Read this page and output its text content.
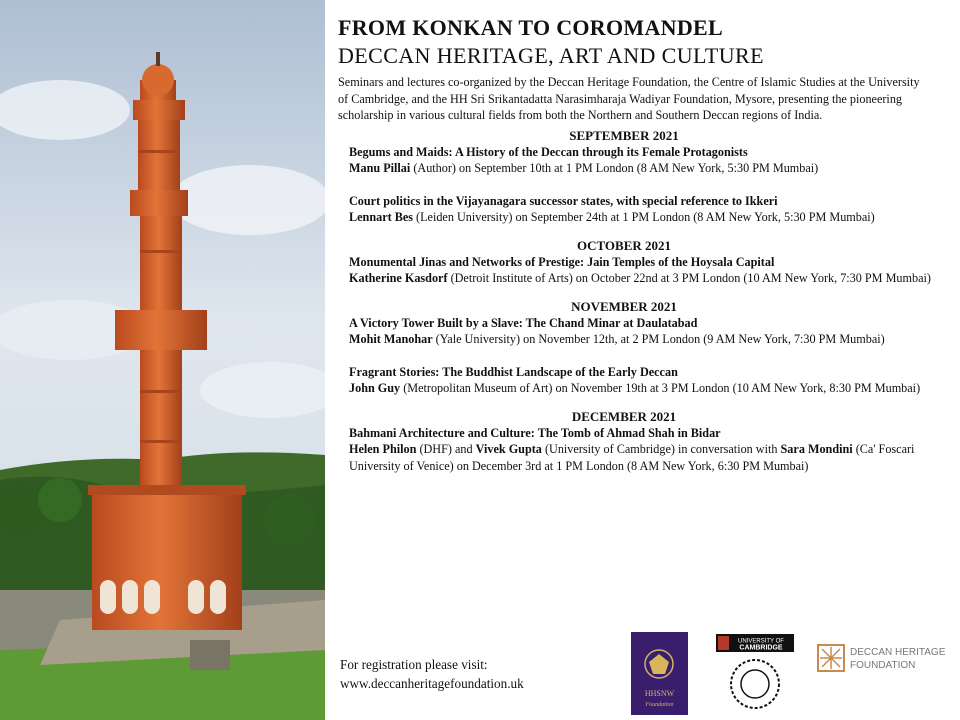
FROM KONKAN TO COROMANDEL
DECCAN HERITAGE, ART AND CULTURE
Seminars and lectures co-organized by the Deccan Heritage Foundation, the Centre of Islamic Studies at the University of Cambridge, and the HH Sri Srikantadatta Narasimharaja Wadiyar Foundation, Mysore, presenting the pioneering scholarship in various cultural fields from both the Northern and Southern Deccan regions of India.
SEPTEMBER 2021
Begums and Maids: A History of the Deccan through its Female Protagonists
Manu Pillai (Author) on September 10th at 1 PM London (8 AM New York, 5:30 PM Mumbai)
Court politics in the Vijayanagara successor states, with special reference to Ikkeri
Lennart Bes (Leiden University) on September 24th at 1 PM London (8 AM New York, 5:30 PM Mumbai)
OCTOBER 2021
Monumental Jinas and Networks of Prestige: Jain Temples of the Hoysala Capital
Katherine Kasdorf (Detroit Institute of Arts) on October 22nd at 3 PM London (10 AM New York, 7:30 PM Mumbai)
NOVEMBER 2021
A Victory Tower Built by a Slave: The Chand Minar at Daulatabad
Mohit Manohar (Yale University) on November 12th, at 2 PM London (9 AM New York, 7:30 PM Mumbai)
Fragrant Stories: The Buddhist Landscape of the Early Deccan
John Guy (Metropolitan Museum of Art) on November 19th at 3 PM London (10 AM New York, 8:30 PM Mumbai)
DECEMBER 2021
Bahmani Architecture and Culture: The Tomb of Ahmad Shah in Bidar
Helen Philon (DHF) and Vivek Gupta (University of Cambridge) in conversation with Sara Mondini (Ca' Foscari University of Venice) on December 3rd at 1 PM London (8 AM New York, 6:30 PM Mumbai)
For registration please visit:
www.deccanheritagefoundation.uk
HHSNW
Foundation
UNIVERSITY OF
CAMBRIDGE	DECCAN HERITAGE
FOUNDATION
